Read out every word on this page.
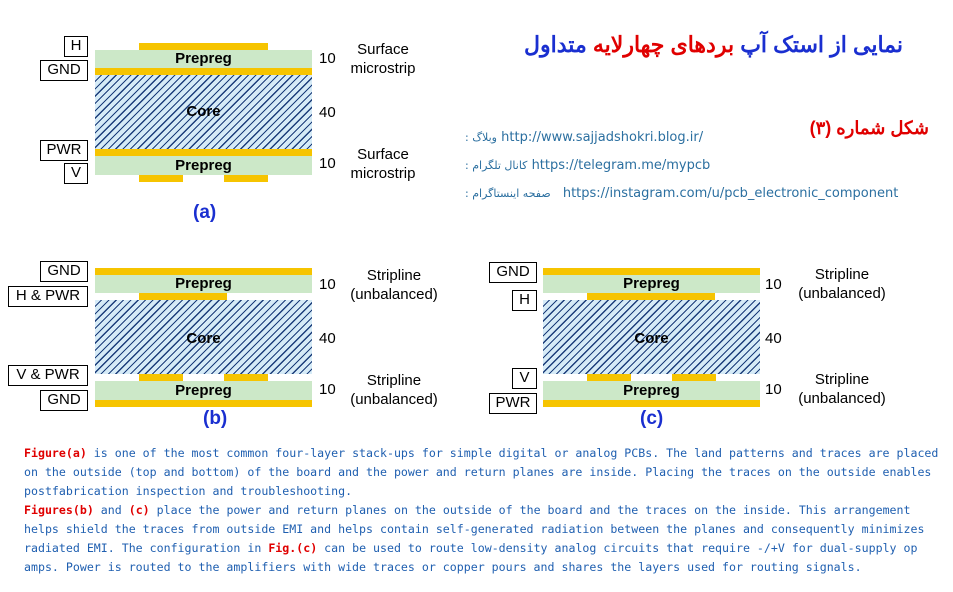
H
GND
PWR
V
Prepreg
Core
Prepreg
10
40
10
Surface
microstrip
Surface
microstrip
(a)
GND
H & PWR
V & PWR
GND
Prepreg
Core
Prepreg
10
40
10
Stripline
(unbalanced)
Stripline
(unbalanced)
(b)
GND
H
V
PWR
Prepreg
Core
Prepreg
10
40
10
Stripline
(unbalanced)
Stripline
(unbalanced)
(c)
نمایی از استک آپ بردهای چهارلایه متداول
شکل شماره (۳)
وبلاگ : http://www.sajjadshokri.blog.ir/
کانال تلگرام : https://telegram.me/mypcb
صفحه اینستاگرام : https://instagram.com/u/pcb_electronic_component
Figure(a) is one of the most common four-layer stack-ups for simple digital or analog PCBs. The land patterns and traces are placed on the outside (top and bottom) of the board and the power and return planes are inside. Placing the traces on the outside enables postfabrication inspection and troubleshooting.
Figures(b) and (c) place the power and return planes on the outside of the board and the traces on the inside. This arrangement helps shield the traces from outside EMI and helps contain self-generated radiation between the planes and consequently minimizes radiated EMI. The configuration in Fig.(c) can be used to route low-density analog circuits that require -/+V for dual-supply op amps. Power is routed to the amplifiers with wide traces or copper pours and shares the layers used for routing signals.
